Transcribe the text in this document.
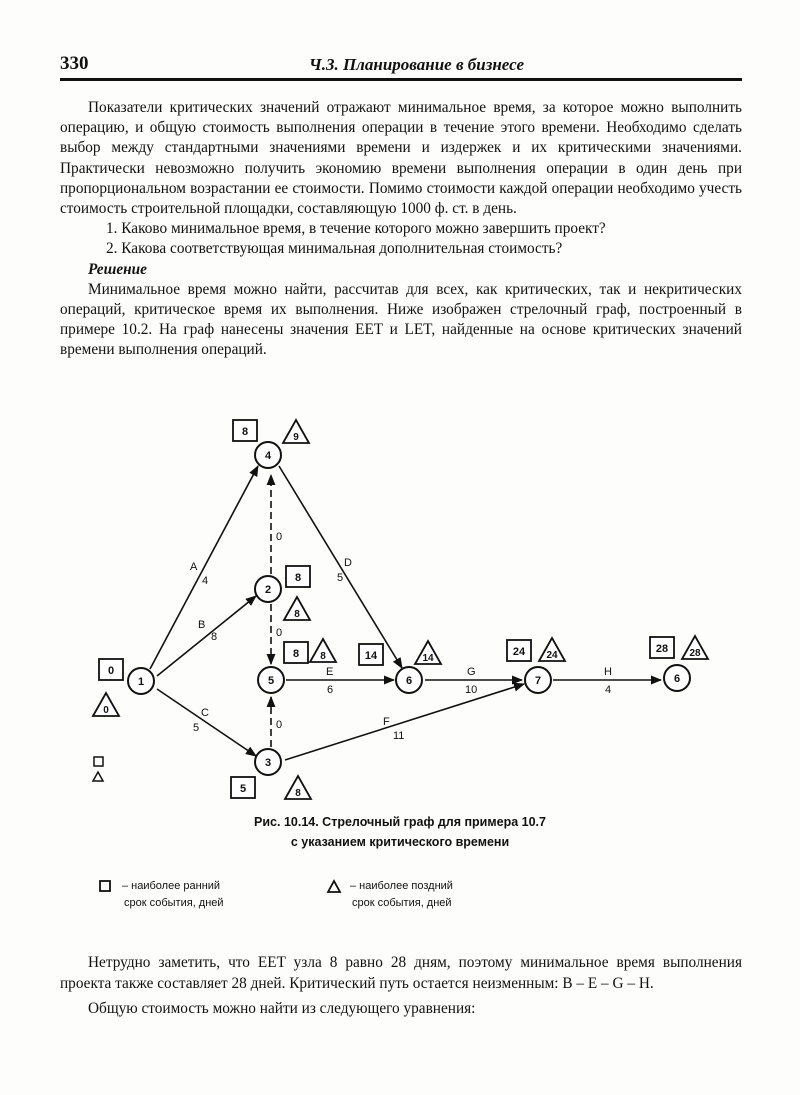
330	Ч.3. Планирование в бизнесе

Показатели критических значений отражают минимальное время, за которое можно выполнить операцию, и общую стоимость выполнения операции в течение этого времени. Необходимо сделать выбор между стандартными значениями времени и издержек и их критическими значениями. Практически невозможно получить экономию времени выполнения операции в один день при пропорциональном возрастании ее стоимости. Помимо стоимости каждой операции необходимо учесть стоимость строительной площадки, составляющую 1000 ф. ст. в день.

1. Каково минимальное время, в течение которого можно завершить проект?

2. Какова соответствующая минимальная дополнительная стоимость?

Решение

Минимальное время можно найти, рассчитав для всех, как критических, так и некритических операций, критическое время их выполнения. Ниже изображен стрелочный граф, построенный в примере 10.2. На граф нанесены значения EET и LET, найденные на основе критических значений времени выполнения операций.

A
4
B
8
C
5
D
5
E
6
F
11
G
10
H
4
0
0
0
1
2
3
4
5	6	7	6
0
8
5
8
8	14	24	28
0
8
8
9
8	14	24	28
Рис. 10.14. Стрелочный граф для примера 10.7
с указанием критического времени
– наиболее ранний
срок события, дней
– наиболее поздний
срок события, дней

Нетрудно заметить, что EET узла 8 равно 28 дням, поэтому минимальное время выполнения проекта также составляет 28 дней. Критический путь остается неизменным: B – E – G – H.

Общую стоимость можно найти из следующего уравнения:
